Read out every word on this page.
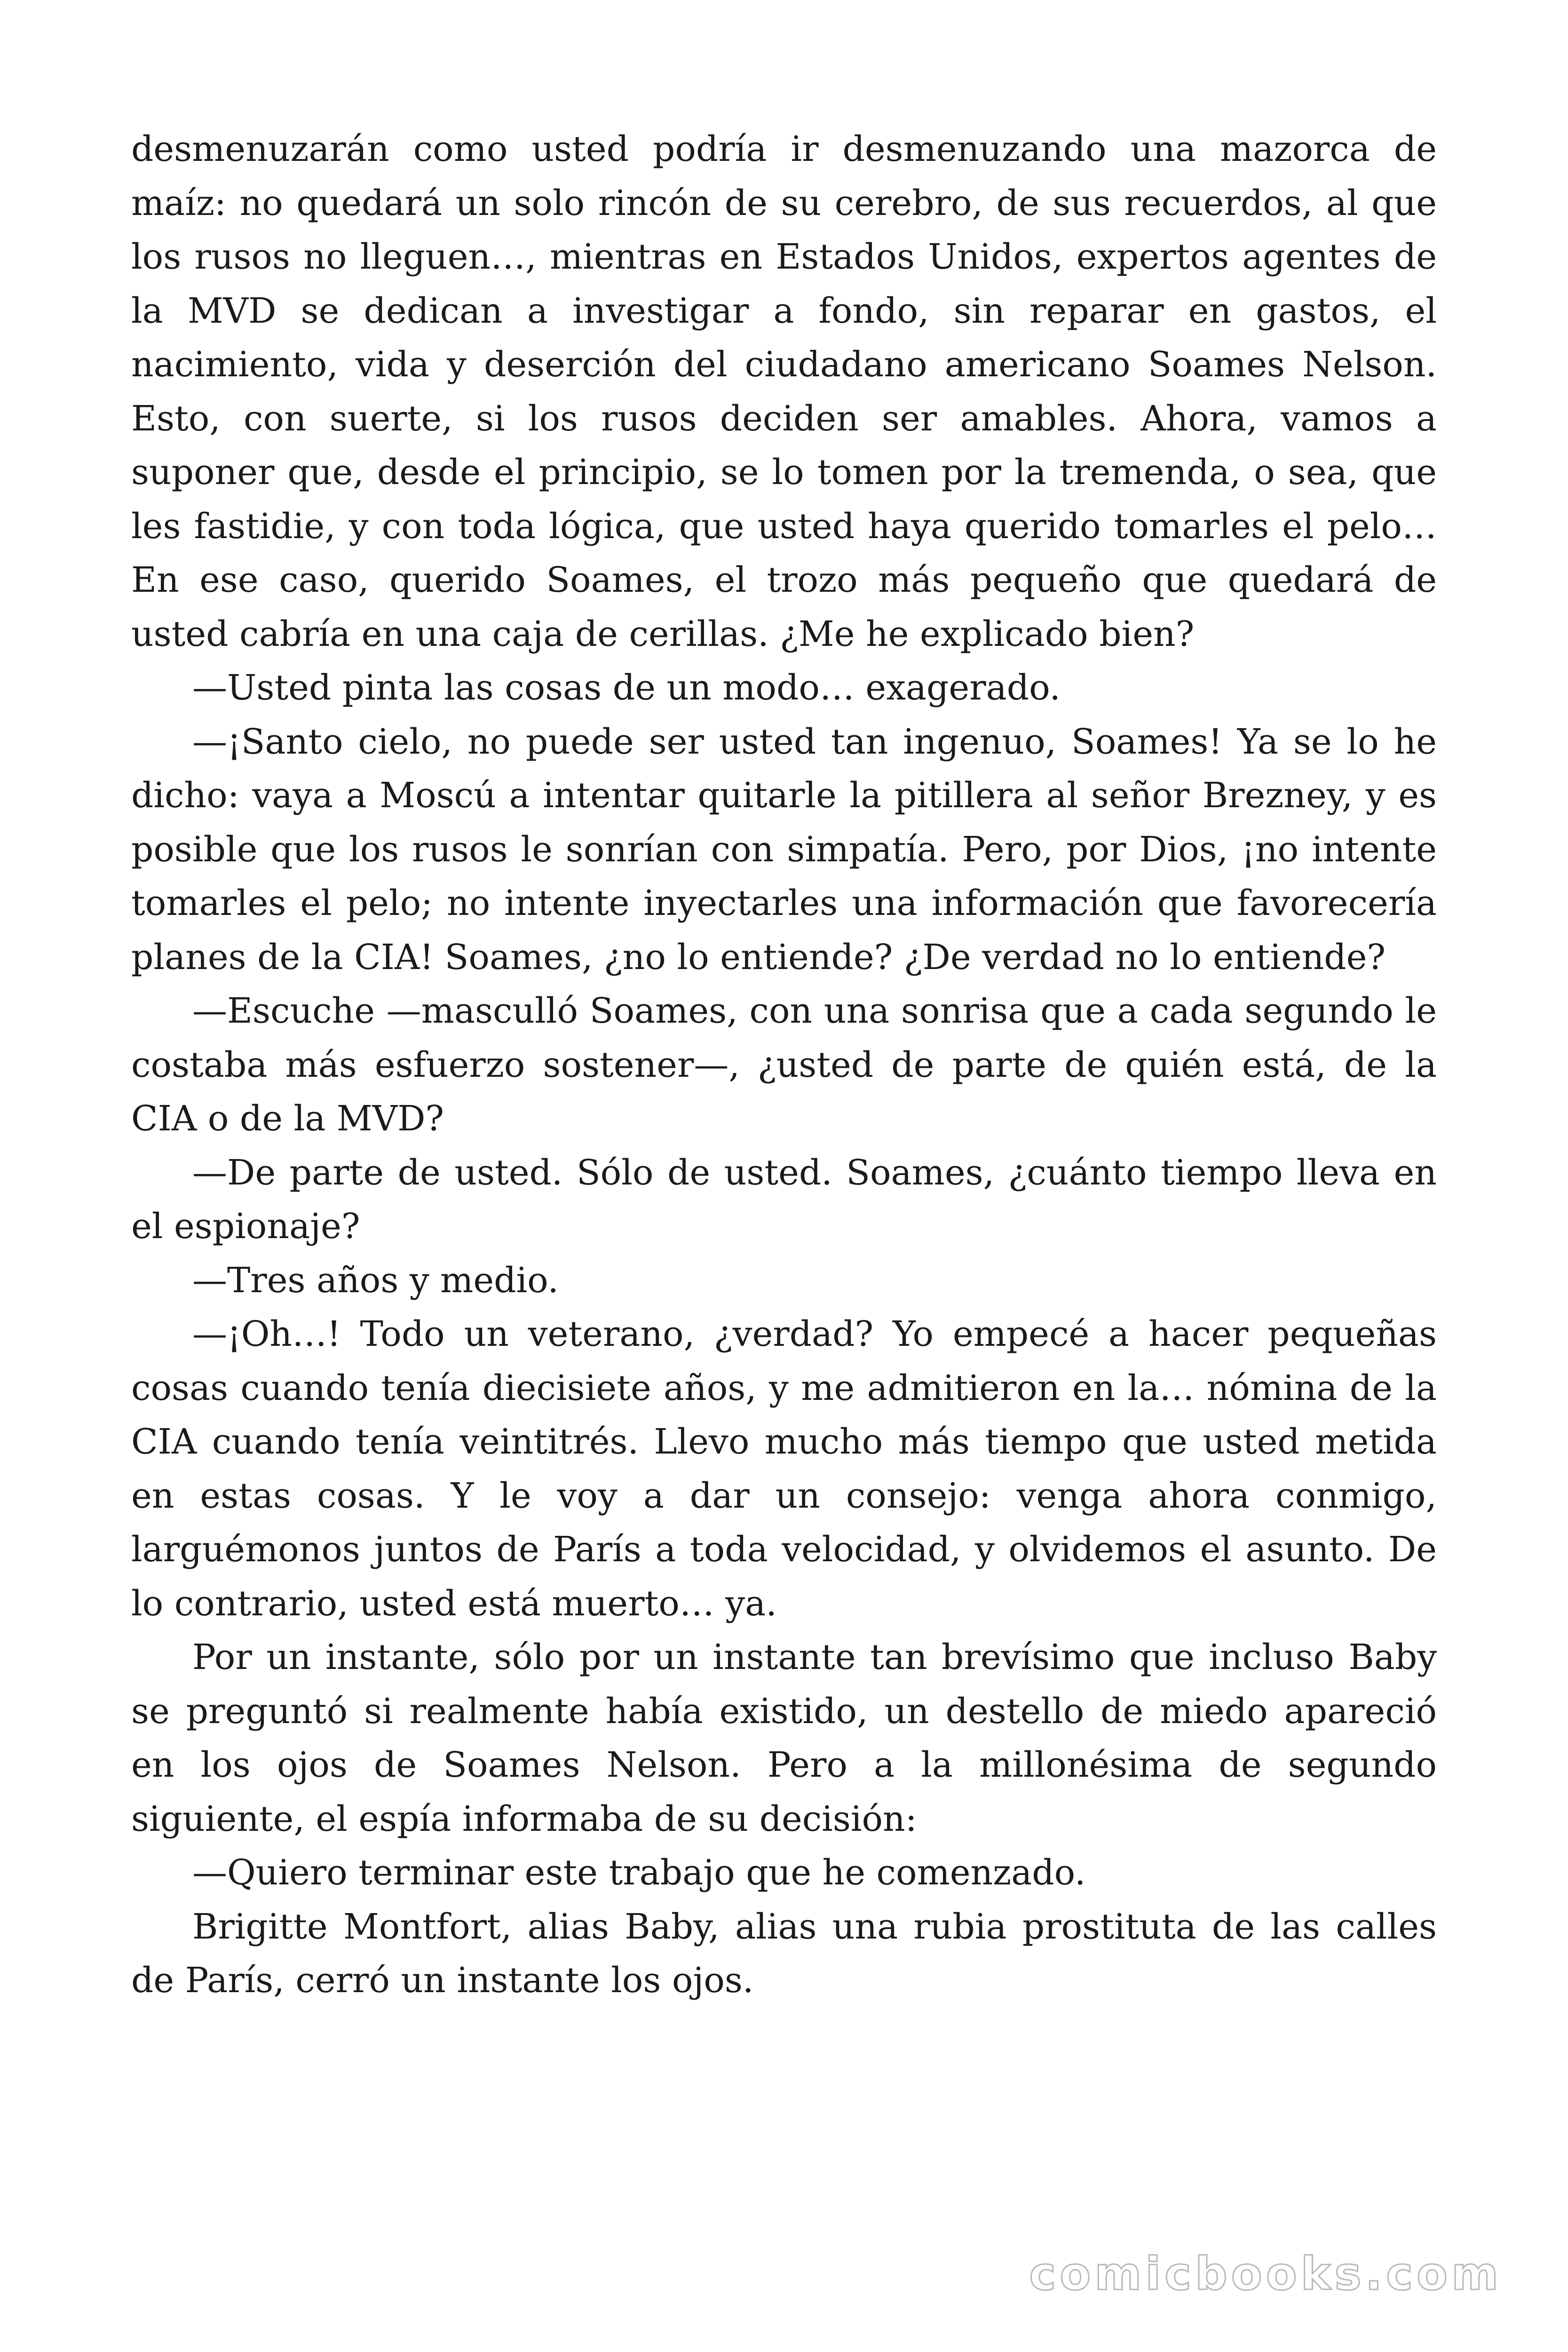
desmenuzarán como usted podría ir desmenuzando una mazorca de maíz: no quedará un solo rincón de su cerebro, de sus recuerdos, al que los rusos no lleguen…, mientras en Estados Unidos, expertos agentes de la MVD se dedican a investigar a fondo, sin reparar en gastos, el nacimiento, vida y deserción del ciudadano americano Soames Nelson. Esto, con suerte, si los rusos deciden ser amables. Ahora, vamos a suponer que, desde el principio, se lo tomen por la tremenda, o sea, que les fastidie, y con toda lógica, que usted haya querido tomarles el pelo… En ese caso, querido Soames, el trozo más pequeño que quedará de usted cabría en una caja de cerillas. ¿Me he explicado bien?

—Usted pinta las cosas de un modo… exagerado.

—¡Santo cielo, no puede ser usted tan ingenuo, Soames! Ya se lo he dicho: vaya a Moscú a intentar quitarle la pitillera al señor Brezney, y es posible que los rusos le sonrían con simpatía. Pero, por Dios, ¡no intente tomarles el pelo; no intente inyectarles una información que favorecería planes de la CIA! Soames, ¿no lo entiende? ¿De verdad no lo entiende?

—Escuche —masculló Soames, con una sonrisa que a cada segundo le costaba más esfuerzo sostener—, ¿usted de parte de quién está, de la CIA o de la MVD?

—De parte de usted. Sólo de usted. Soames, ¿cuánto tiempo lleva en el espionaje?

—Tres años y medio.

—¡Oh…! Todo un veterano, ¿verdad? Yo empecé a hacer pequeñas cosas cuando tenía diecisiete años, y me admitieron en la… nómina de la CIA cuando tenía veintitrés. Llevo mucho más tiempo que usted metida en estas cosas. Y le voy a dar un consejo: venga ahora conmigo, larguémonos juntos de París a toda velocidad, y olvidemos el asunto. De lo contrario, usted está muerto… ya.

Por un instante, sólo por un instante tan brevísimo que incluso Baby se preguntó si realmente había existido, un destello de miedo apareció en los ojos de Soames Nelson. Pero a la millonésima de segundo siguiente, el espía informaba de su decisión:

—Quiero terminar este trabajo que he comenzado.

Brigitte Montfort, alias Baby, alias una rubia prostituta de las calles de París, cerró un instante los ojos.

comicbooks.com
